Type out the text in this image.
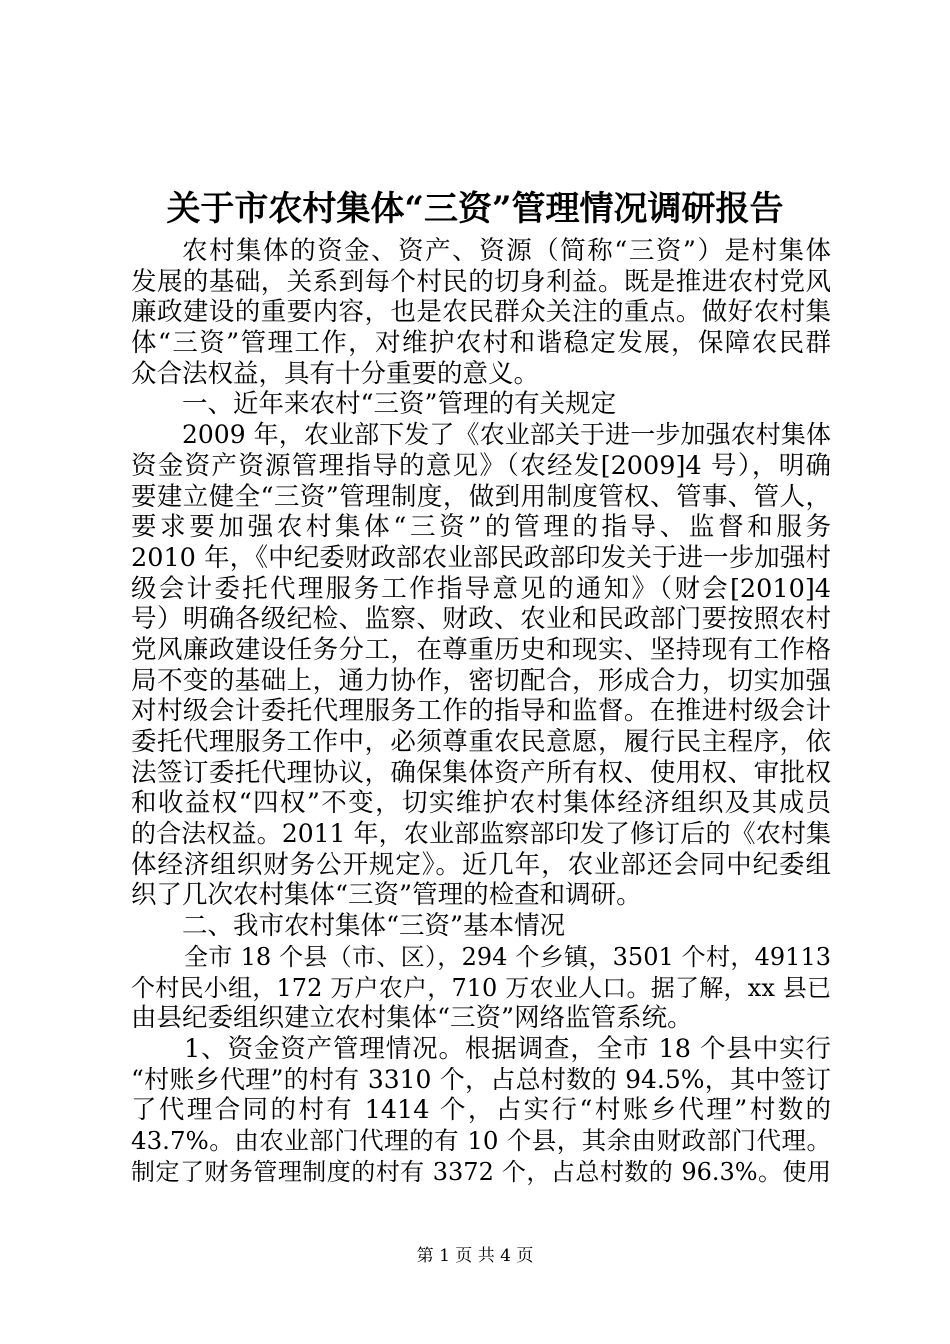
关于市农村集体“三资”管理情况调研报告
农村集体的资金、资产、资源（简称“三资”）是村集体
发展的基础，关系到每个村民的切身利益。既是推进农村党风
廉政建设的重要内容，也是农民群众关注的重点。做好农村集
体“三资”管理工作，对维护农村和谐稳定发展，保障农民群
众合法权益，具有十分重要的意义。
一、近年来农村“三资”管理的有关规定
2009 年，农业部下发了《农业部关于进一步加强农村集体
资金资产资源管理指导的意见》（农经发[2009]4 号），明确
要建立健全“三资”管理制度，做到用制度管权、管事、管人，
要求要加强农村集体“三资”的管理的指导、监督和服务
2010 年，《中纪委财政部农业部民政部印发关于进一步加强村
级会计委托代理服务工作指导意见的通知》（财会[2010]4
号）明确各级纪检、监察、财政、农业和民政部门要按照农村
党风廉政建设任务分工，在尊重历史和现实、坚持现有工作格
局不变的基础上，通力协作，密切配合，形成合力，切实加强
对村级会计委托代理服务工作的指导和监督。在推进村级会计
委托代理服务工作中，必须尊重农民意愿，履行民主程序，依
法签订委托代理协议，确保集体资产所有权、使用权、审批权
和收益权“四权”不变，切实维护农村集体经济组织及其成员
的合法权益。2011 年，农业部监察部印发了修订后的《农村集
体经济组织财务公开规定》。近几年，农业部还会同中纪委组
织了几次农村集体“三资”管理的检查和调研。
二、我市农村集体“三资”基本情况
全市 18 个县（市、区），294 个乡镇，3501 个村，49113
个村民小组，172 万户农户，710 万农业人口。据了解，xx 县已
由县纪委组织建立农村集体“三资”网络监管系统。
1、资金资产管理情况。根据调查，全市 18 个县中实行
“村账乡代理”的村有 3310 个，占总村数的 94.5%，其中签订
了代理合同的村有 1414 个，占实行“村账乡代理”村数的
43.7%。由农业部门代理的有 10 个县，其余由财政部门代理。
制定了财务管理制度的村有 3372 个，占总村数的 96.3%。使用
第 1 页 共 4 页
